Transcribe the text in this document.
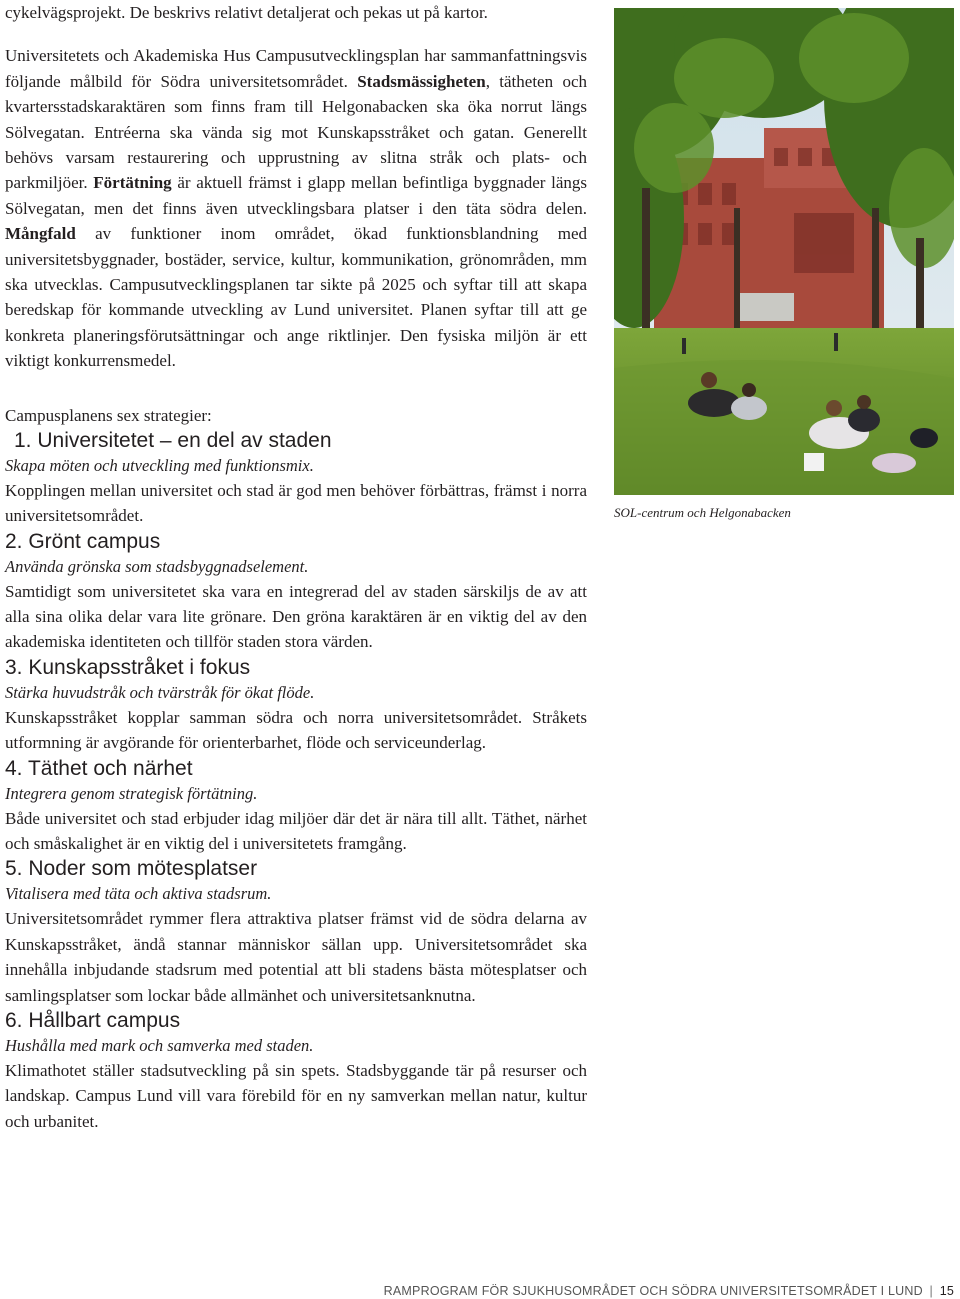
cykelvägsprojekt. De beskrivs relativt detaljerat och pekas ut på kartor.

Universitetets och Akademiska Hus Campusutvecklingsplan har sammanfattningsvis följande målbild för Södra universitetsområdet. Stadsmässigheten, tätheten och kvartersstadskaraktären som finns fram till Helgonabacken ska öka norrut längs Sölvegatan. Entréerna ska vända sig mot Kunskapsstråket och gatan. Generellt behövs varsam restaurering och upprustning av slitna stråk och plats- och parkmiljöer. Förtätning är aktuell främst i glapp mellan befintliga byggnader längs Sölvegatan, men det finns även utvecklingsbara platser i den täta södra delen. Mångfald av funktioner inom området, ökad funktionsblandning med universitetsbyggnader, bostäder, service, kultur, kommunikation, grönområden, mm ska utvecklas. Campusutvecklingsplanen tar sikte på 2025 och syftar till att skapa beredskap för kommande utveckling av Lund universitet. Planen syftar till att ge konkreta planeringsförutsättningar och ange riktlinjer. Den fysiska miljön är ett viktigt konkurrensmedel.

Campusplanens sex strategier:

1. Universitetet – en del av staden

Skapa möten och utveckling med funktionsmix.

Kopplingen mellan universitet och stad är god men behöver förbättras, främst i norra universitetsområdet.

2. Grönt campus

Använda grönska som stadsbyggnadselement.

Samtidigt som universitetet ska vara en integrerad del av staden särskiljs de av att alla sina olika delar vara lite grönare. Den gröna karaktären är en viktig del av den akademiska identiteten och tillför staden stora värden.

3. Kunskapsstråket i fokus

Stärka huvudstråk och tvärstråk för ökat flöde.

Kunskapsstråket kopplar samman södra och norra universitetsområdet. Stråkets utformning är avgörande för orienterbarhet, flöde och serviceunderlag.

4. Täthet och närhet

Integrera genom strategisk förtätning.

Både universitet och stad erbjuder idag miljöer där det är nära till allt. Täthet, närhet och småskalighet är en viktig del i universitetets framgång.

5. Noder som mötesplatser

Vitalisera med täta och aktiva stadsrum.

Universitetsområdet rymmer flera attraktiva platser främst vid de södra delarna av Kunskapsstråket, ändå stannar människor sällan upp. Universitetsområdet ska innehålla inbjudande stadsrum med potential att bli stadens bästa mötesplatser och samlingsplatser som lockar både allmänhet och universitetsanknutna.

6. Hållbart campus

Hushålla med mark och samverka med staden.

Klimathotet ställer stadsutveckling på sin spets. Stadsbyggande tär på resurser och landskap. Campus Lund vill vara förebild för en ny samverkan mellan natur, kultur och urbanitet.

SOL-centrum och Helgonabacken
RAMPROGRAM FÖR SJUKHUSOMRÅDET OCH SÖDRA UNIVERSITETSOMRÅDET I LUND | 15
